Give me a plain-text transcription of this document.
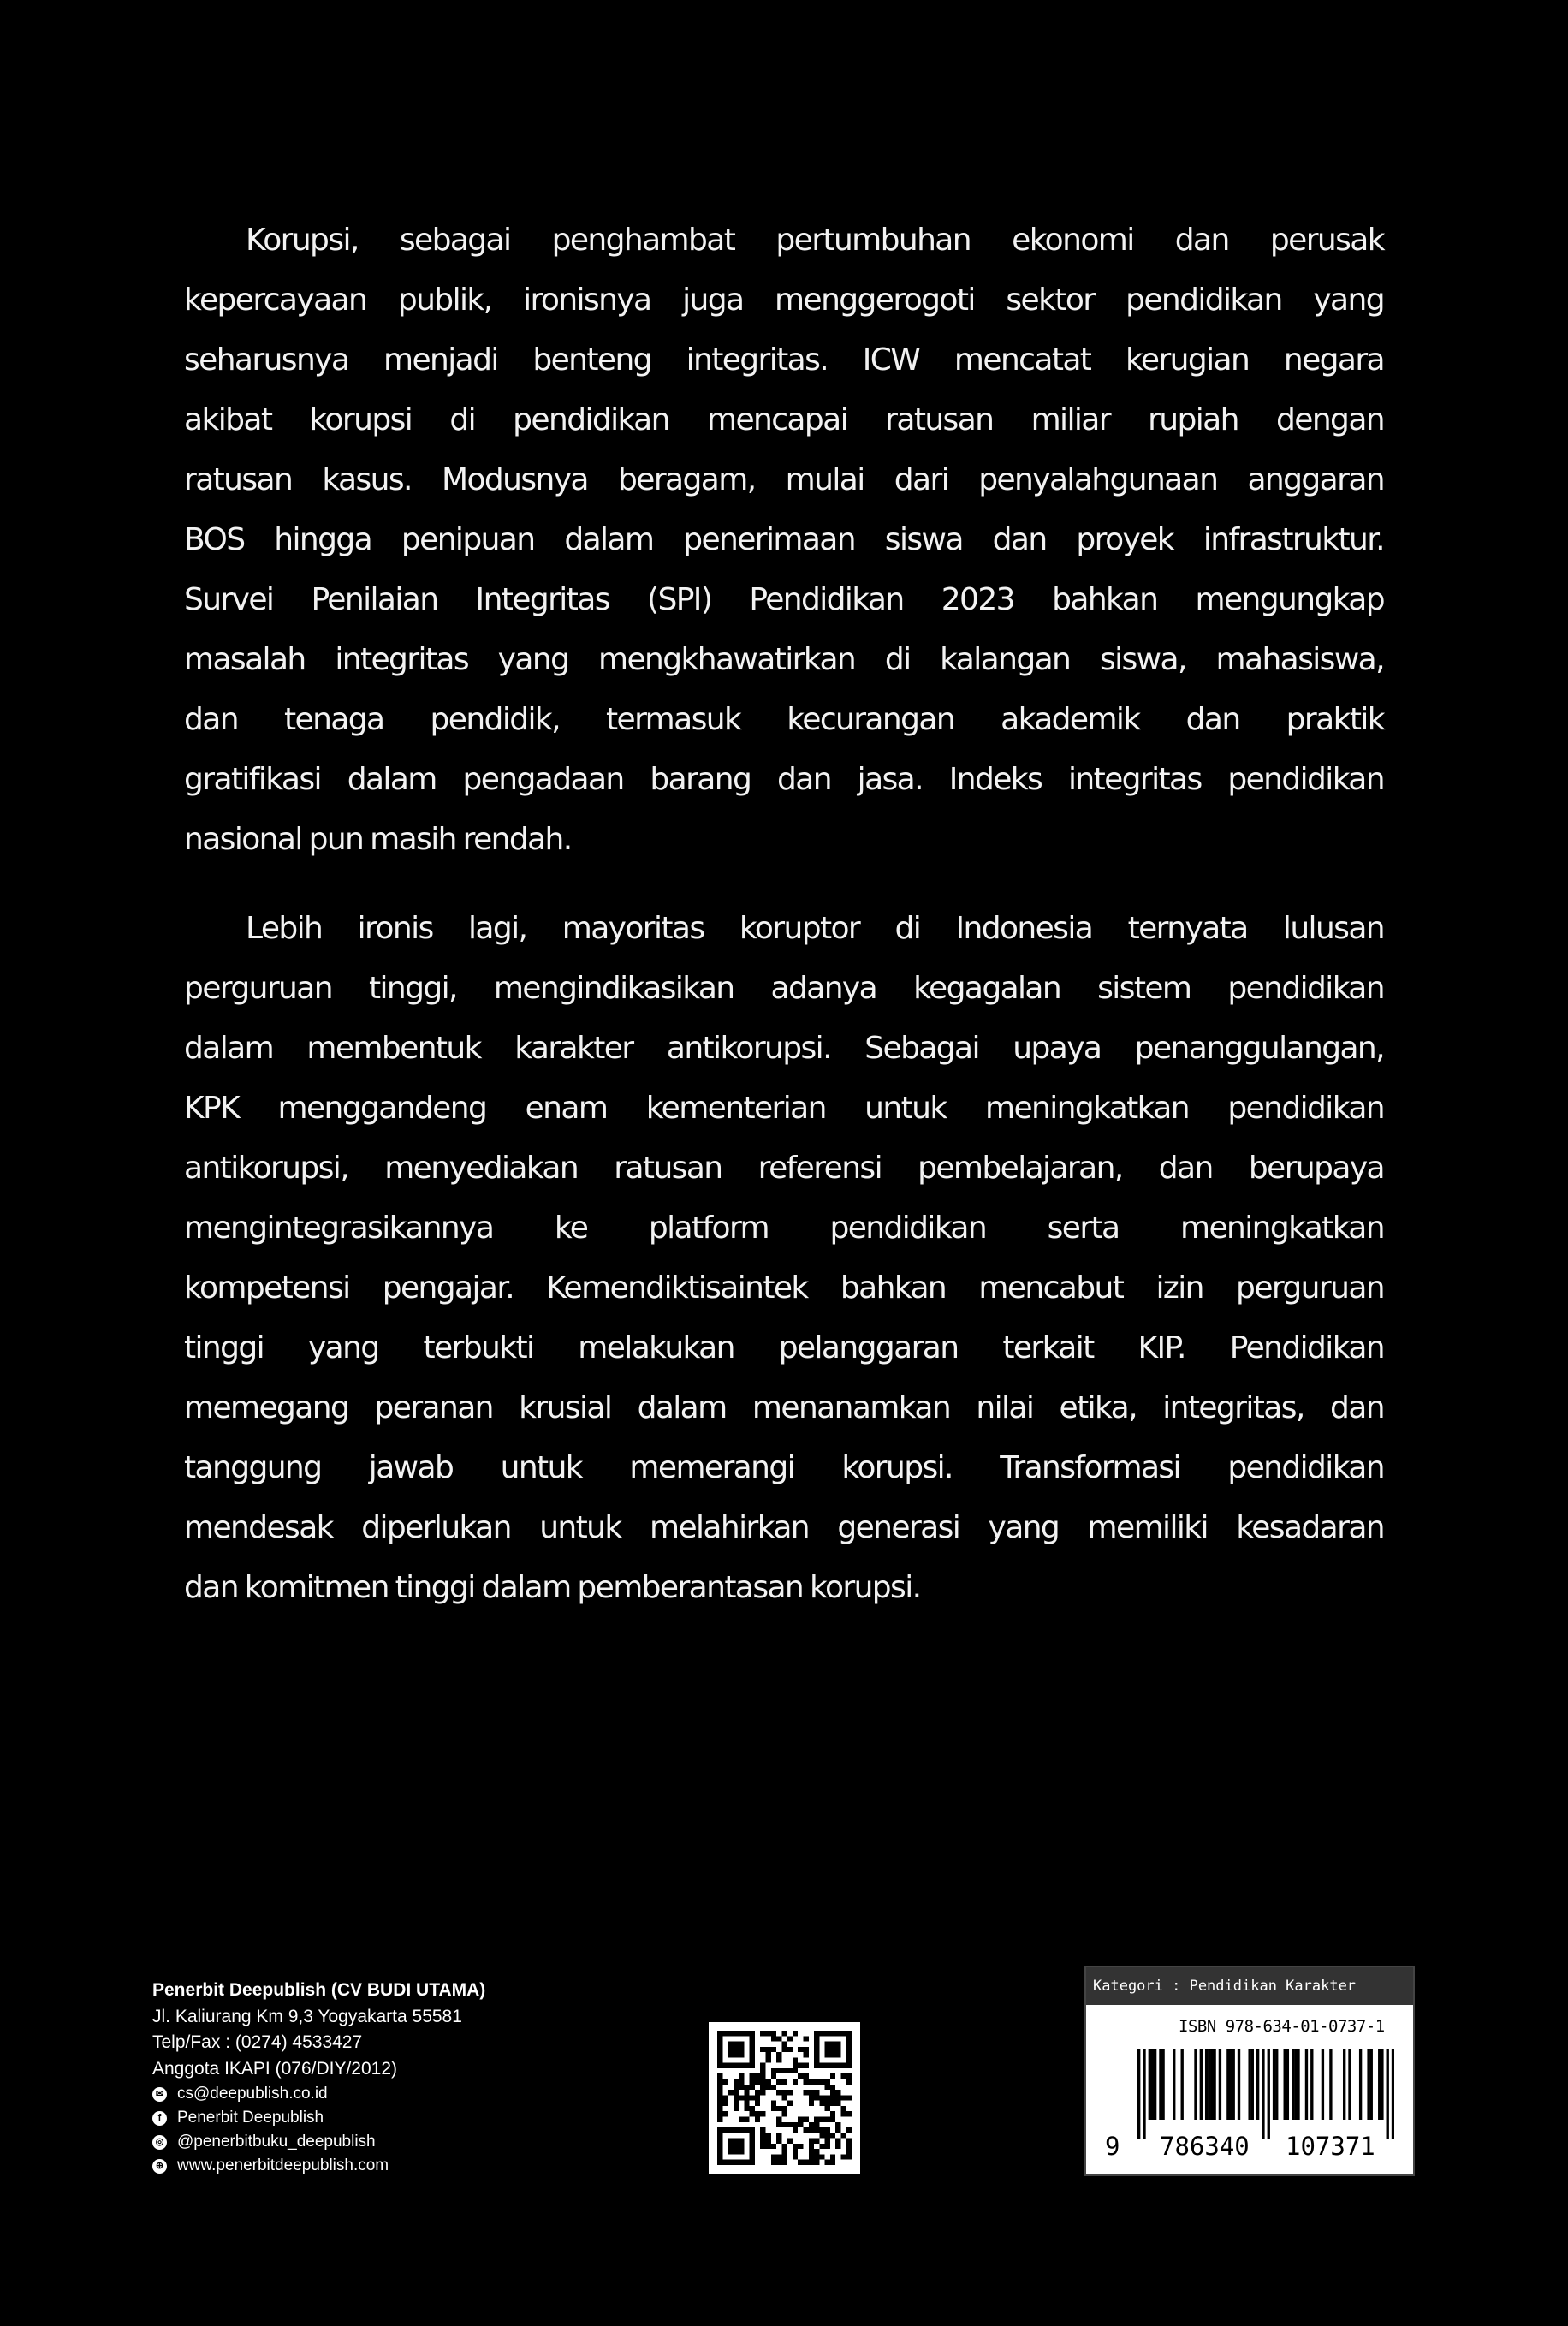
Korupsi, sebagai penghambat pertumbuhan ekonomi dan perusak
kepercayaan publik, ironisnya juga menggerogoti sektor pendidikan yang
seharusnya menjadi benteng integritas. ICW mencatat kerugian negara
akibat korupsi di pendidikan mencapai ratusan miliar rupiah dengan
ratusan kasus. Modusnya beragam, mulai dari penyalahgunaan anggaran
BOS hingga penipuan dalam penerimaan siswa dan proyek infrastruktur.
Survei Penilaian Integritas (SPI) Pendidikan 2023 bahkan mengungkap
masalah integritas yang mengkhawatirkan di kalangan siswa, mahasiswa,
dan tenaga pendidik, termasuk kecurangan akademik dan praktik
gratifikasi dalam pengadaan barang dan jasa. Indeks integritas pendidikan
nasional pun masih rendah.
Lebih ironis lagi, mayoritas koruptor di Indonesia ternyata lulusan
perguruan tinggi, mengindikasikan adanya kegagalan sistem pendidikan
dalam membentuk karakter antikorupsi. Sebagai upaya penanggulangan,
KPK menggandeng enam kementerian untuk meningkatkan pendidikan
antikorupsi, menyediakan ratusan referensi pembelajaran, dan berupaya
mengintegrasikannya ke platform pendidikan serta meningkatkan
kompetensi pengajar. Kemendiktisaintek bahkan mencabut izin perguruan
tinggi yang terbukti melakukan pelanggaran terkait KIP. Pendidikan
memegang peranan krusial dalam menanamkan nilai etika, integritas, dan
tanggung jawab untuk memerangi korupsi. Transformasi pendidikan
mendesak diperlukan untuk melahirkan generasi yang memiliki kesadaran
dan komitmen tinggi dalam pemberantasan korupsi.
Penerbit Deepublish (CV BUDI UTAMA)
Jl. Kaliurang Km 9,3 Yogyakarta 55581
Telp/Fax : (0274) 4533427
Anggota IKAPI (076/DIY/2012)
✉ cs@deepublish.co.id
f Penerbit Deepublish
◎ @penerbitbuku_deepublish
⊕ www.penerbitdeepublish.com
Kategori : Pendidikan Karakter
ISBN 978-634-01-0737-1
9 786340 107371
